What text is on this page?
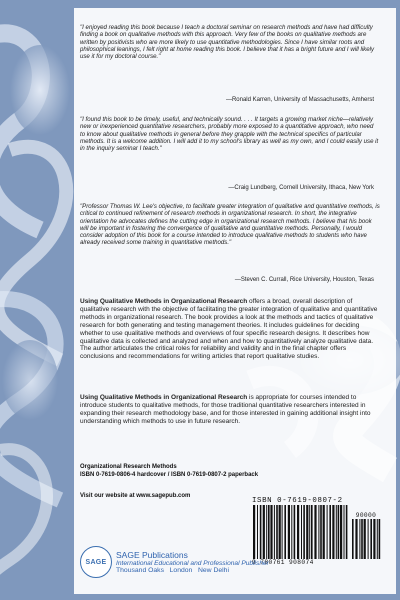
"I enjoyed reading this book because I teach a doctoral seminar on research methods and have had difficulty finding a book on qualitative methods with this approach. Very few of the books on qualitative methods are written by positivists who are more likely to use quantitative methodologies. Since I have similar roots and philosophical leanings, I felt right at home reading this book. I believe that it has a bright future and I will likely use it for my doctoral course."
—Ronald Karren, University of Massachusetts, Amherst
"I found this book to be timely, useful, and technically sound. . . . It targets a growing market niche—relatively new or inexperienced quantitative researchers, probably more exposed to a quantitative approach, who need to know about qualitative methods in general before they grapple with the technical specifics of particular methods. It is a welcome addition. I will add it to my school's library as well as my own, and I could easily use it in the inquiry seminar I teach."
—Craig Lundberg, Cornell University, Ithaca, New York
"Professor Thomas W. Lee's objective, to facilitate greater integration of qualitative and quantitative methods, is critical to continued refinement of research methods in organizational research. In short, the integrative orientation he advocates defines the cutting edge in organizational research methods. I believe that his book will be important in fostering the convergence of qualitative and quantitative methods. Personally, I would consider adoption of this book for a course intended to introduce qualitative methods to students who have already received some training in quantitative methods."
—Steven C. Currall, Rice University, Houston, Texas
Using Qualitative Methods in Organizational Research offers a broad, overall description of qualitative research with the objective of facilitating the greater integration of qualitative and quantitative methods in organizational research. The book provides a look at the methods and tactics of qualitative research for both generating and testing management theories. It includes guidelines for deciding whether to use qualitative methods and overviews of four specific research designs. It describes how qualitative data is collected and analyzed and when and how to quantitatively analyze qualitative data. The author articulates the critical roles for reliability and validity and in the final chapter offers conclusions and recommendations for writing articles that report qualitative studies.
Using Qualitative Methods in Organizational Research is appropriate for courses intended to introduce students to qualitative methods, for those traditional quantitative researchers interested in expanding their research methodology base, and for those interested in gaining additional insight into understanding which methods to use in future research.
Organizational Research Methods
ISBN 0-7619-0806-4 hardcover / ISBN 0-7619-0807-2 paperback
Visit our website at www.sagepub.com
ISBN 0-7619-0807-2
90000
9 780761 908074
SAGE
SAGE Publications
International Educational and Professional Publisher
Thousand Oaks   London   New Delhi
